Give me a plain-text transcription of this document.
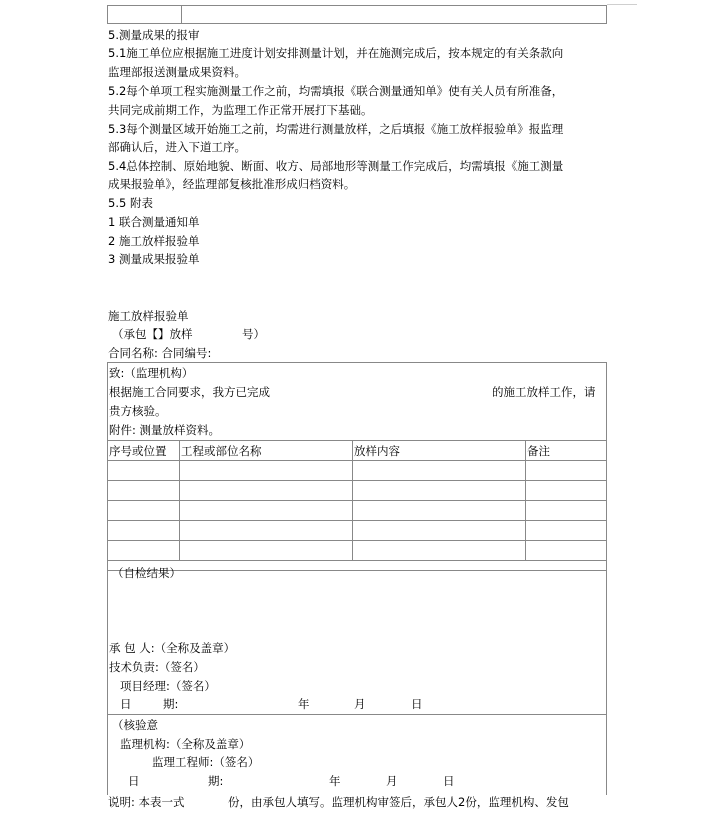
5.测量成果的报审
5.1施工单位应根据施工进度计划安排测量计划，并在施测完成后，按本规定的有关条款向
监理部报送测量成果资料。
5.2每个单项工程实施测量工作之前，均需填报《联合测量通知单》使有关人员有所准备，
共同完成前期工作，为监理工作正常开展打下基础。
5.3每个测量区域开始施工之前，均需进行测量放样，之后填报《施工放样报验单》报监理
部确认后，进入下道工序。
5.4总体控制、原始地貌、断面、收方、局部地形等测量工作完成后，均需填报《施工测量
成果报验单》，经监理部复核批准形成归档资料。
5.5 附表
1 联合测量通知单
2 施工放样报验单
3 测量成果报验单
施工放样报验单
（承包【】放样	号）
合同名称: 合同编号:
致:（监理机构）
根据施工合同要求，我方已完成	的施工放样工作，请
贵方核验。
附件: 测量放样资料。
序号或位置	工程或部位名称	放样内容	备注

（自检结果）
承 包 人:（全称及盖章）
技术负责:（签名）
项目经理:（签名）
日	期:	年	月	日
（核验意
监理机构:（全称及盖章）
监理工程师:（签名）
日	期:	年	月	日
说明: 本表一式	份，由承包人填写。监理机构审签后，承包人2份，监理机构、发包
